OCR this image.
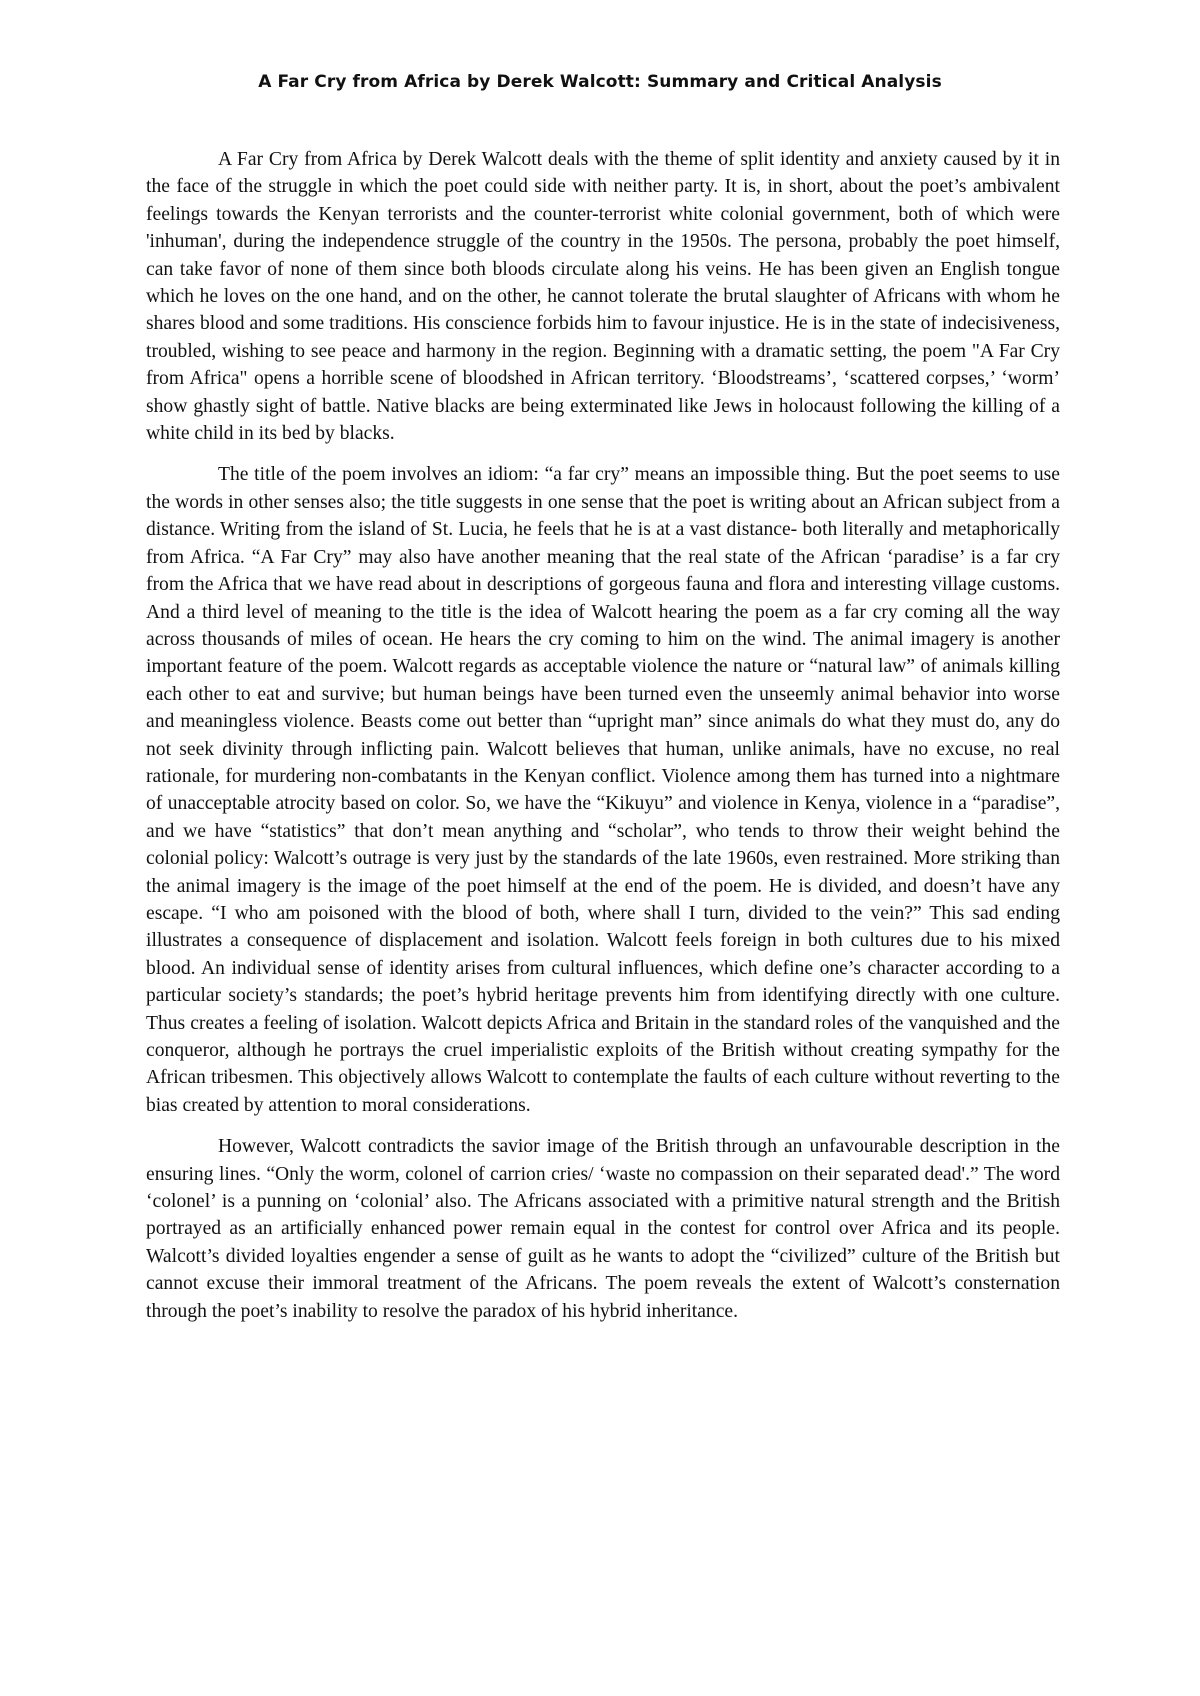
A Far Cry from Africa by Derek Walcott: Summary and Critical Analysis

A Far Cry from Africa by Derek Walcott deals with the theme of split identity and anxiety caused by it in the face of the struggle in which the poet could side with neither party. It is, in short, about the poet’s ambivalent feelings towards the Kenyan terrorists and the counter-terrorist white colonial government, both of which were 'inhuman', during the independence struggle of the country in the 1950s. The persona, probably the poet himself, can take favor of none of them since both bloods circulate along his veins. He has been given an English tongue which he loves on the one hand, and on the other, he cannot tolerate the brutal slaughter of Africans with whom he shares blood and some traditions. His conscience forbids him to favour injustice. He is in the state of indecisiveness, troubled, wishing to see peace and harmony in the region. Beginning with a dramatic setting, the poem "A Far Cry from Africa" opens a horrible scene of bloodshed in African territory. ‘Bloodstreams’, ‘scattered corpses,’ ‘worm’ show ghastly sight of battle. Native blacks are being exterminated like Jews in holocaust following the killing of a white child in its bed by blacks.

The title of the poem involves an idiom: “a far cry” means an impossible thing. But the poet seems to use the words in other senses also; the title suggests in one sense that the poet is writing about an African subject from a distance. Writing from the island of St. Lucia, he feels that he is at a vast distance- both literally and metaphorically from Africa. “A Far Cry” may also have another meaning that the real state of the African ‘paradise’ is a far cry from the Africa that we have read about in descriptions of gorgeous fauna and flora and interesting village customs. And a third level of meaning to the title is the idea of Walcott hearing the poem as a far cry coming all the way across thousands of miles of ocean. He hears the cry coming to him on the wind. The animal imagery is another important feature of the poem. Walcott regards as acceptable violence the nature or “natural law” of animals killing each other to eat and survive; but human beings have been turned even the unseemly animal behavior into worse and meaningless violence. Beasts come out better than “upright man” since animals do what they must do, any do not seek divinity through inflicting pain. Walcott believes that human, unlike animals, have no excuse, no real rationale, for murdering non-combatants in the Kenyan conflict. Violence among them has turned into a nightmare of unacceptable atrocity based on color. So, we have the “Kikuyu” and violence in Kenya, violence in a “paradise”, and we have “statistics” that don’t mean anything and “scholar”, who tends to throw their weight behind the colonial policy: Walcott’s outrage is very just by the standards of the late 1960s, even restrained. More striking than the animal imagery is the image of the poet himself at the end of the poem. He is divided, and doesn’t have any escape. “I who am poisoned with the blood of both, where shall I turn, divided to the vein?” This sad ending illustrates a consequence of displacement and isolation. Walcott feels foreign in both cultures due to his mixed blood. An individual sense of identity arises from cultural influences, which define one’s character according to a particular society’s standards; the poet’s hybrid heritage prevents him from identifying directly with one culture. Thus creates a feeling of isolation. Walcott depicts Africa and Britain in the standard roles of the vanquished and the conqueror, although he portrays the cruel imperialistic exploits of the British without creating sympathy for the African tribesmen. This objectively allows Walcott to contemplate the faults of each culture without reverting to the bias created by attention to moral considerations.

However, Walcott contradicts the savior image of the British through an unfavourable description in the ensuring lines. “Only the worm, colonel of carrion cries/ ‘waste no compassion on their separated dead'.” The word ‘colonel’ is a punning on ‘colonial’ also. The Africans associated with a primitive natural strength and the British portrayed as an artificially enhanced power remain equal in the contest for control over Africa and its people. Walcott’s divided loyalties engender a sense of guilt as he wants to adopt the “civilized” culture of the British but cannot excuse their immoral treatment of the Africans. The poem reveals the extent of Walcott’s consternation through the poet’s inability to resolve the paradox of his hybrid inheritance.
